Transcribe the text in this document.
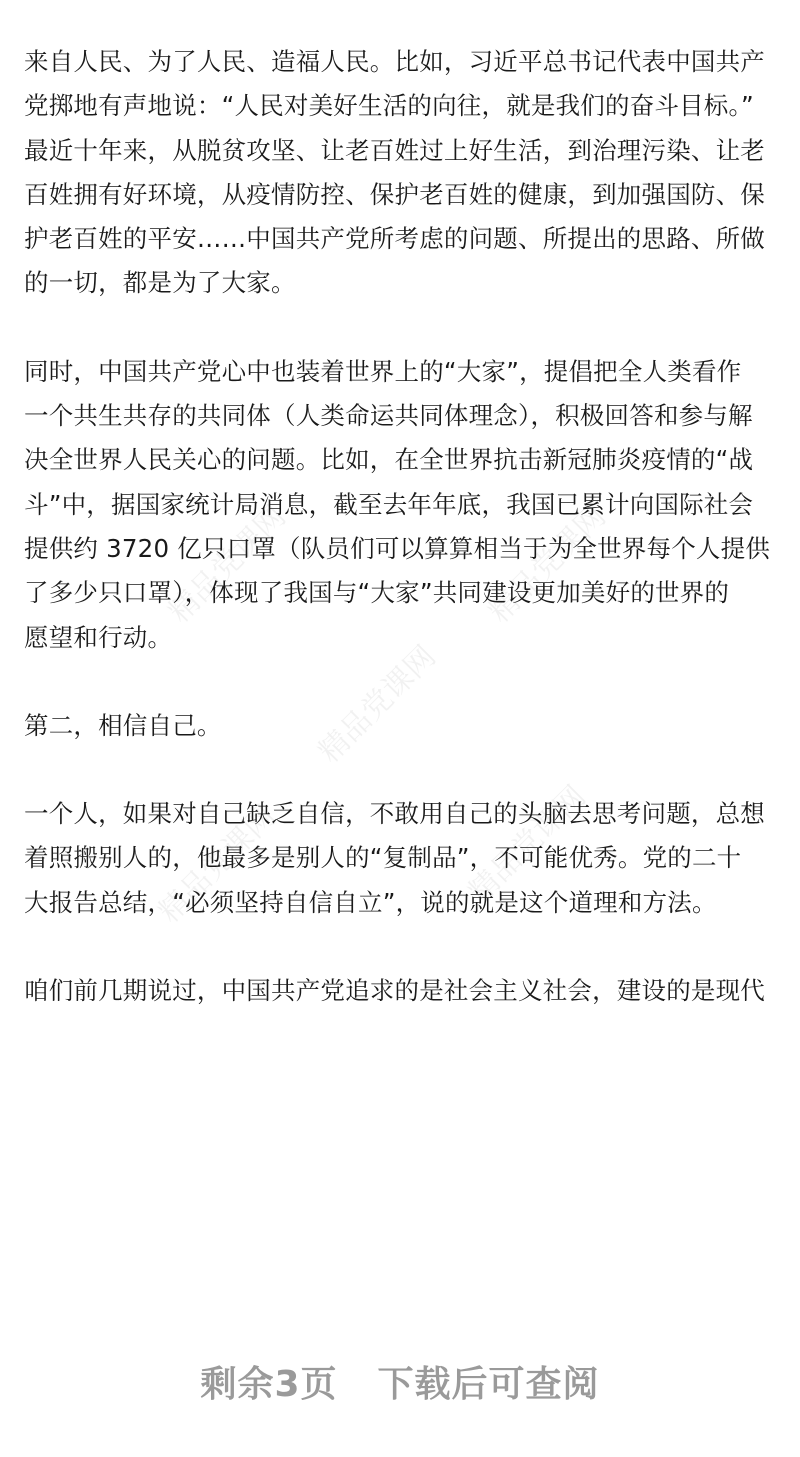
精品党课网	精品党课网
精品党课网
精品党课网	精品党课网
来自人民、为了人民、造福人民。比如，习近平总书记代表中国共产
党掷地有声地说：“人民对美好生活的向往，就是我们的奋斗目标。”
最近十年来，从脱贫攻坚、让老百姓过上好生活，到治理污染、让老
百姓拥有好环境，从疫情防控、保护老百姓的健康，到加强国防、保
护老百姓的平安……中国共产党所考虑的问题、所提出的思路、所做
的一切，都是为了大家。
同时，中国共产党心中也装着世界上的“大家”，提倡把全人类看作
一个共生共存的共同体（人类命运共同体理念），积极回答和参与解
决全世界人民关心的问题。比如，在全世界抗击新冠肺炎疫情的“战
斗”中，据国家统计局消息，截至去年年底，我国已累计向国际社会
提供约 3720 亿只口罩（队员们可以算算相当于为全世界每个人提供
了多少只口罩），体现了我国与“大家”共同建设更加美好的世界的
愿望和行动。
第二，相信自己。
一个人，如果对自己缺乏自信，不敢用自己的头脑去思考问题，总想
着照搬别人的，他最多是别人的“复制品”，不可能优秀。党的二十
大报告总结，“必须坚持自信自立”，说的就是这个道理和方法。
咱们前几期说过，中国共产党追求的是社会主义社会，建设的是现代
剩余3页 下载后可查阅
